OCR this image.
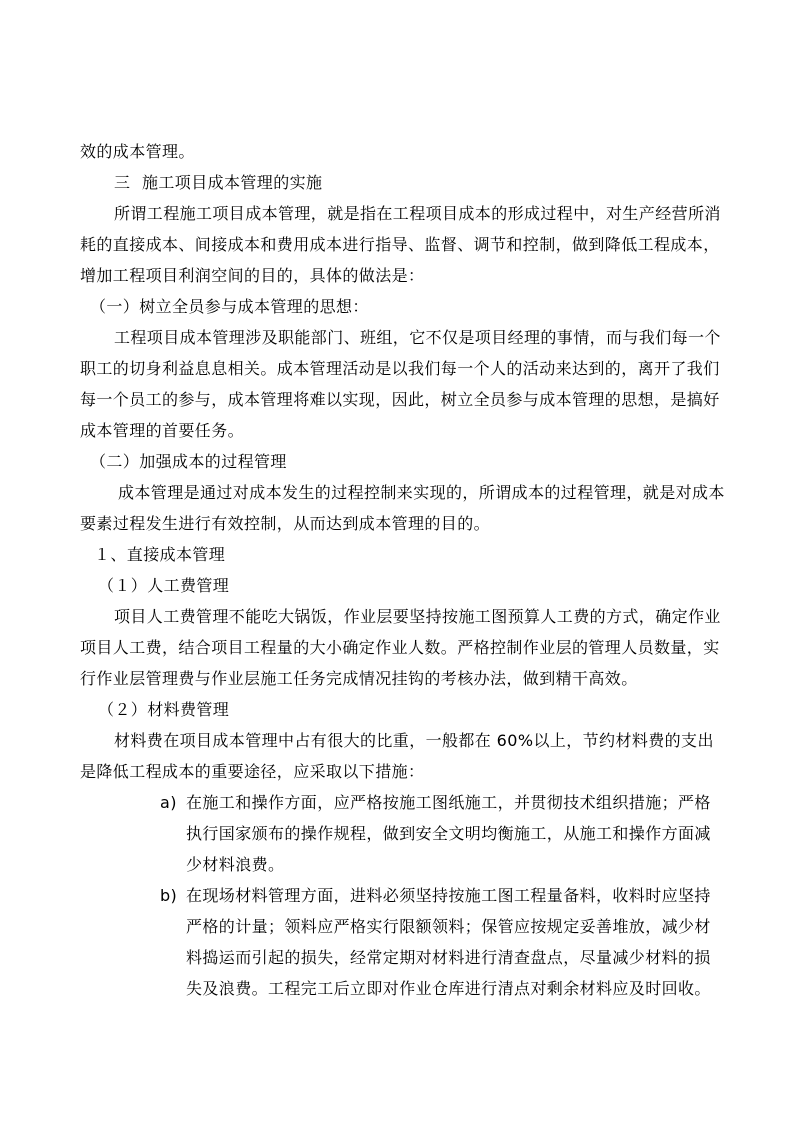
效的成本管理。

三 施工项目成本管理的实施

所谓工程施工项目成本管理，就是指在工程项目成本的形成过程中，对生产经营所消耗的直接成本、间接成本和费用成本进行指导、监督、调节和控制，做到降低工程成本，增加工程项目利润空间的目的，具体的做法是：

（一）树立全员参与成本管理的思想：

工程项目成本管理涉及职能部门、班组，它不仅是项目经理的事情，而与我们每一个职工的切身利益息息相关。成本管理活动是以我们每一个人的活动来达到的，离开了我们每一个员工的参与，成本管理将难以实现，因此，树立全员参与成本管理的思想，是搞好成本管理的首要任务。

（二）加强成本的过程管理

成本管理是通过对成本发生的过程控制来实现的，所谓成本的过程管理，就是对成本要素过程发生进行有效控制，从而达到成本管理的目的。

１、直接成本管理

（１）人工费管理

项目人工费管理不能吃大锅饭，作业层要坚持按施工图预算人工费的方式，确定作业项目人工费，结合项目工程量的大小确定作业人数。严格控制作业层的管理人员数量，实行作业层管理费与作业层施工任务完成情况挂钩的考核办法，做到精干高效。

（２）材料费管理

材料费在项目成本管理中占有很大的比重，一般都在 60%以上，节约材料费的支出是降低工程成本的重要途径，应采取以下措施：

a) 在施工和操作方面，应严格按施工图纸施工，并贯彻技术组织措施；严格执行国家颁布的操作规程，做到安全文明均衡施工，从施工和操作方面减少材料浪费。
b) 在现场材料管理方面，进料必须坚持按施工图工程量备料，收料时应坚持严格的计量；领料应严格实行限额领料；保管应按规定妥善堆放，减少材料捣运而引起的损失，经常定期对材料进行清查盘点，尽量减少材料的损失及浪费。工程完工后立即对作业仓库进行清点对剩余材料应及时回收。
